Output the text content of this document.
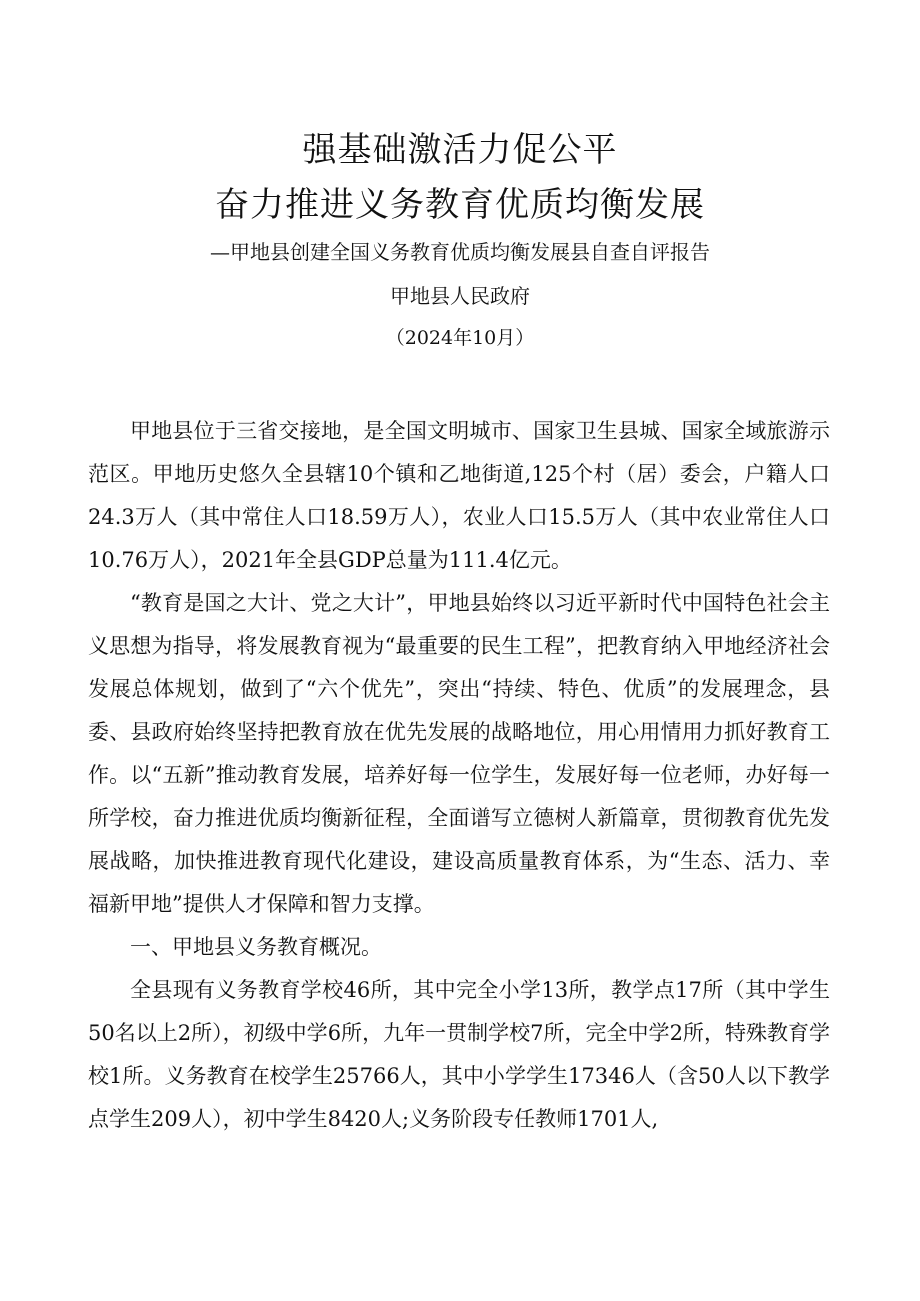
强基础激活力促公平
奋力推进义务教育优质均衡发展
—甲地县创建全国义务教育优质均衡发展县自查自评报告
甲地县人民政府
（2024年10月）

甲地县位于三省交接地，是全国文明城市、国家卫生县城、国家全域旅游示范区。甲地历史悠久全县辖10个镇和乙地街道,125个村（居）委会，户籍人口24.3万人（其中常住人口18.59万人），农业人口15.5万人（其中农业常住人口10.76万人），2021年全县GDP总量为111.4亿元。

“教育是国之大计、党之大计”，甲地县始终以习近平新时代中国特色社会主义思想为指导，将发展教育视为“最重要的民生工程”，把教育纳入甲地经济社会发展总体规划，做到了“六个优先”，突出“持续、特色、优质”的发展理念，县委、县政府始终坚持把教育放在优先发展的战略地位，用心用情用力抓好教育工作。以“五新”推动教育发展，培养好每一位学生，发展好每一位老师，办好每一所学校，奋力推进优质均衡新征程，全面谱写立德树人新篇章，贯彻教育优先发展战略，加快推进教育现代化建设，建设高质量教育体系，为“生态、活力、幸福新甲地”提供人才保障和智力支撑。

一、甲地县义务教育概况。

全县现有义务教育学校46所，其中完全小学13所，教学点17所（其中学生50名以上2所），初级中学6所，九年一贯制学校7所，完全中学2所，特殊教育学校1所。义务教育在校学生25766人，其中小学学生17346人（含50人以下教学点学生209人），初中学生8420人;义务阶段专任教师1701人,
